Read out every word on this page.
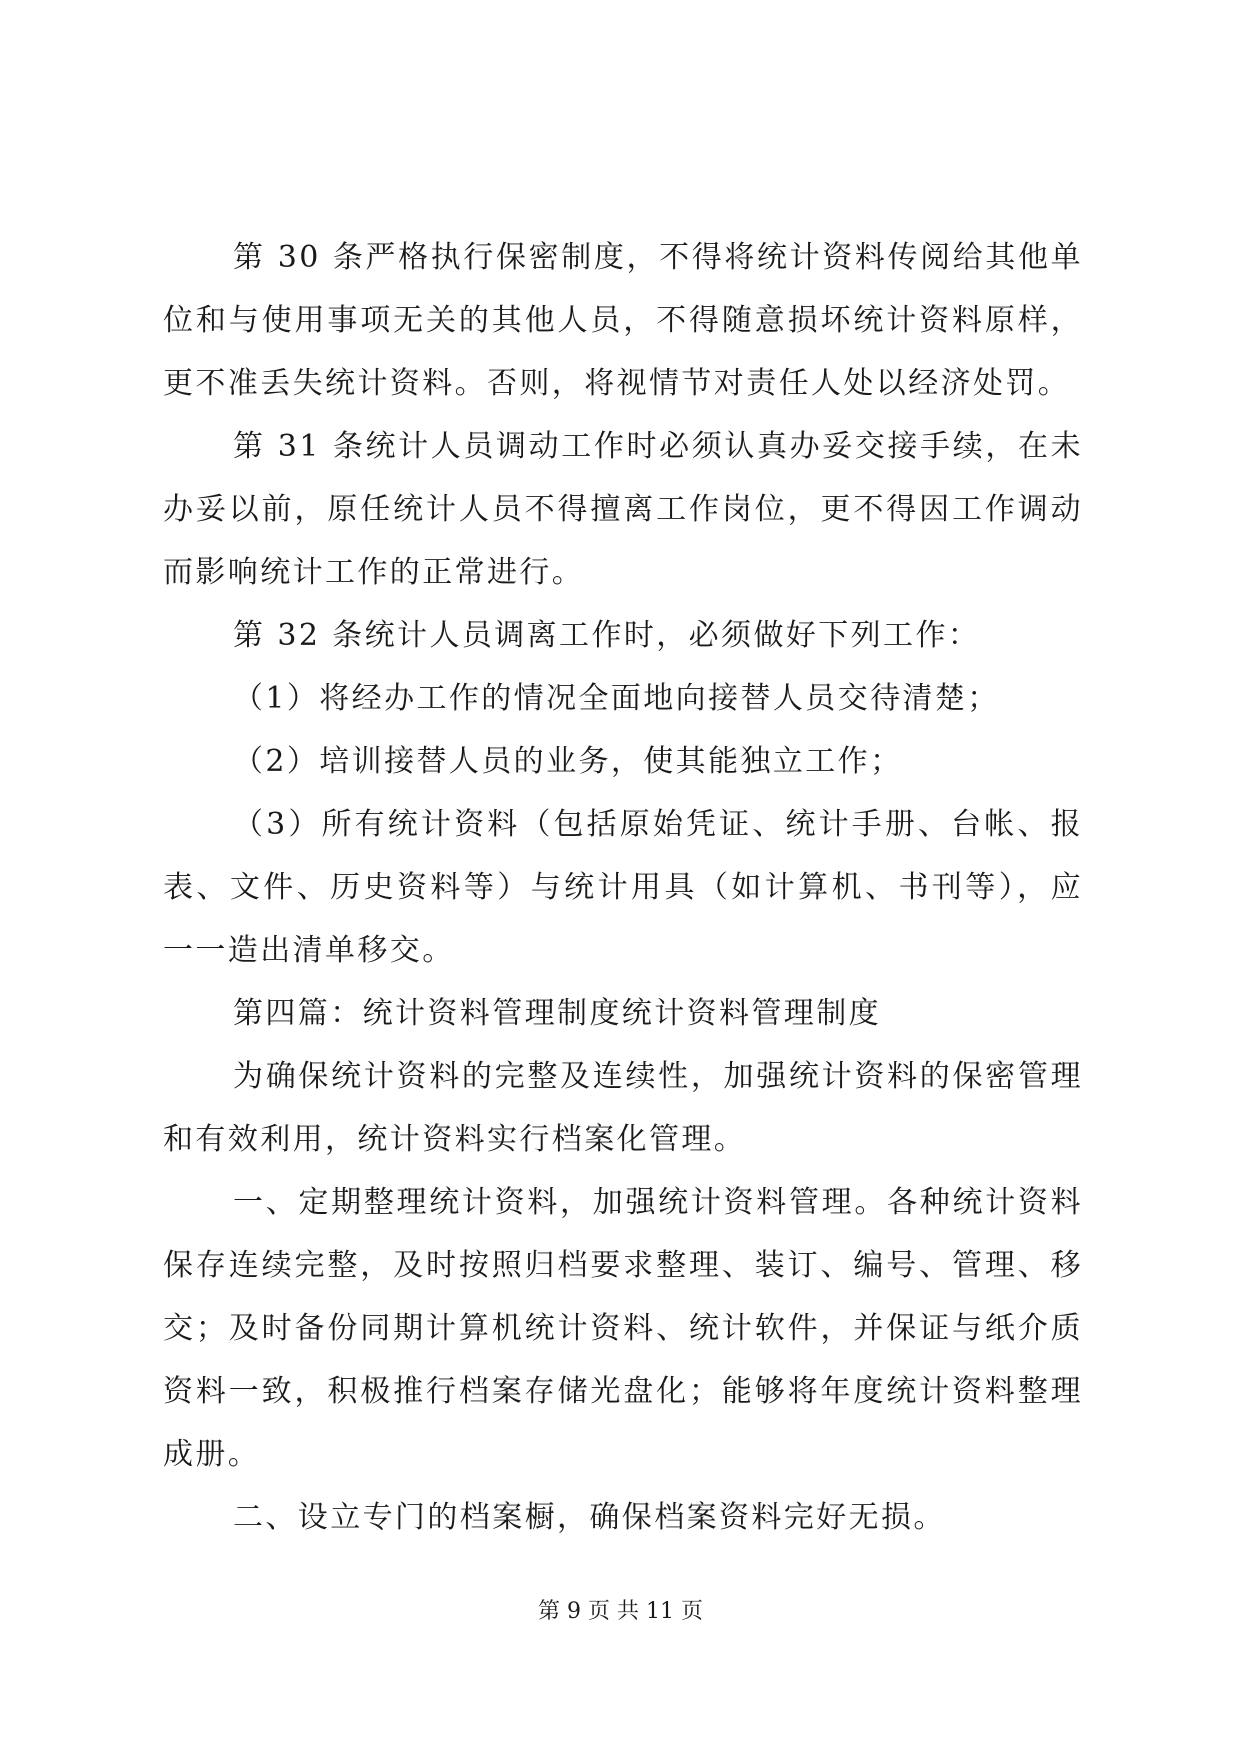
第 30 条严格执行保密制度，不得将统计资料传阅给其他单位和与使用事项无关的其他人员，不得随意损坏统计资料原样，更不准丢失统计资料。否则，将视情节对责任人处以经济处罚。

第 31 条统计人员调动工作时必须认真办妥交接手续，在未办妥以前，原任统计人员不得擅离工作岗位，更不得因工作调动而影响统计工作的正常进行。

第 32 条统计人员调离工作时，必须做好下列工作：

（1）将经办工作的情况全面地向接替人员交待清楚；

（2）培训接替人员的业务，使其能独立工作；

（3）所有统计资料（包括原始凭证、统计手册、台帐、报表、文件、历史资料等）与统计用具（如计算机、书刊等），应一一造出清单移交。

第四篇：统计资料管理制度统计资料管理制度

为确保统计资料的完整及连续性，加强统计资料的保密管理和有效利用，统计资料实行档案化管理。

一、定期整理统计资料，加强统计资料管理。各种统计资料保存连续完整，及时按照归档要求整理、装订、编号、管理、移交；及时备份同期计算机统计资料、统计软件，并保证与纸介质资料一致，积极推行档案存储光盘化；能够将年度统计资料整理成册。

二、设立专门的档案橱，确保档案资料完好无损。

第 9 页 共 11 页
